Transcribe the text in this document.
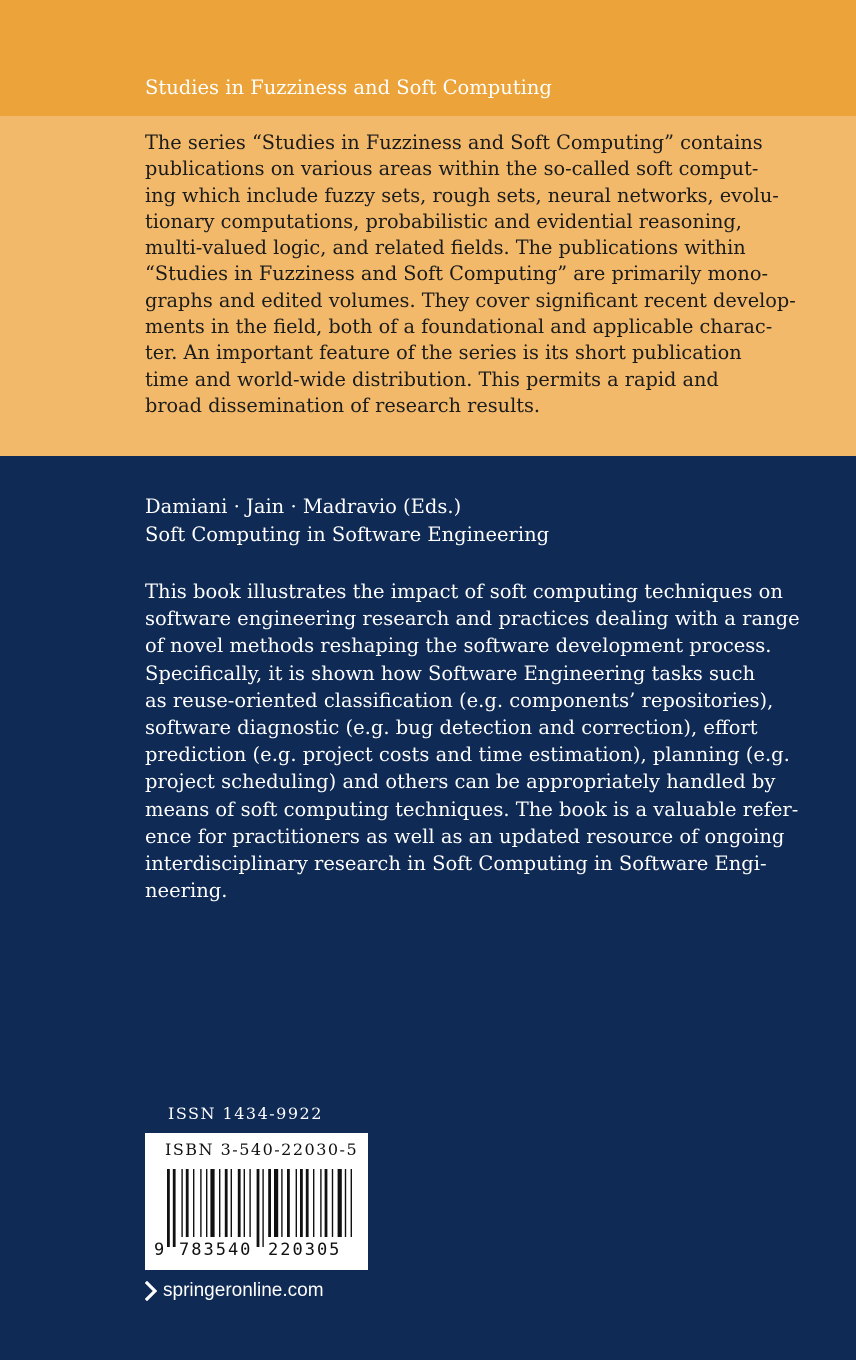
Studies in Fuzziness and Soft Computing
The series “Studies in Fuzziness and Soft Computing” contains
publications on various areas within the so-called soft comput-
ing which include fuzzy sets, rough sets, neural networks, evolu-
tionary computations, probabilistic and evidential reasoning,
multi-valued logic, and related fields. The publications within
“Studies in Fuzziness and Soft Computing” are primarily mono-
graphs and edited volumes. They cover significant recent develop-
ments in the field, both of a foundational and applicable charac-
ter. An important feature of the series is its short publication
time and world-wide distribution. This permits a rapid and
broad dissemination of research results.
Damiani · Jain · Madravio (Eds.)
Soft Computing in Software Engineering
This book illustrates the impact of soft computing techniques on
software engineering research and practices dealing with a range
of novel methods reshaping the software development process.
Specifically, it is shown how Software Engineering tasks such
as reuse-oriented classification (e.g. components’ repositories),
software diagnostic (e.g. bug detection and correction), effort
prediction (e.g. project costs and time estimation), planning (e.g.
project scheduling) and others can be appropriately handled by
means of soft computing techniques. The book is a valuable refer-
ence for practitioners as well as an updated resource of ongoing
interdisciplinary research in Soft Computing in Software Engi-
neering.
ISSN 1434-9922
ISBN 3-540-22030-5
9 783540 220305
springeronline.com
